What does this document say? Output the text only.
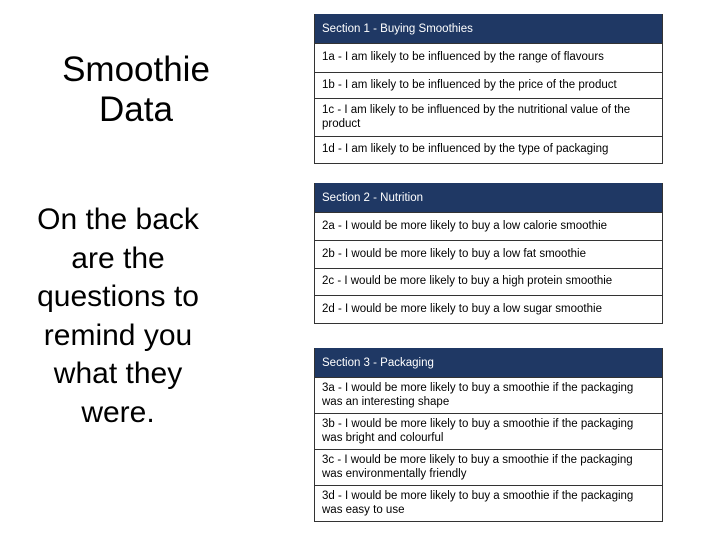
Smoothie
Data

On the back
are the
questions to
remind you
what they
were.

Section 1 - Buying Smoothies
1a - I am likely to be influenced by the range of flavours
1b - I am likely to be influenced by the price of the product
1c - I am likely to be influenced by the nutritional value of the product
1d - I am likely to be influenced by the type of packaging
Section 2 - Nutrition
2a - I would be more likely to buy a low calorie smoothie
2b - I would be more likely to buy a low fat smoothie
2c - I would be more likely to buy a high protein smoothie
2d - I would be more likely to buy a low sugar smoothie
Section 3 - Packaging
3a - I would be more likely to buy a smoothie if the packaging was an interesting shape
3b - I would be more likely to buy a smoothie if the packaging was bright and colourful
3c - I would be more likely to buy a smoothie if the packaging was environmentally friendly
3d - I would be more likely to buy a smoothie if the packaging was easy to use
